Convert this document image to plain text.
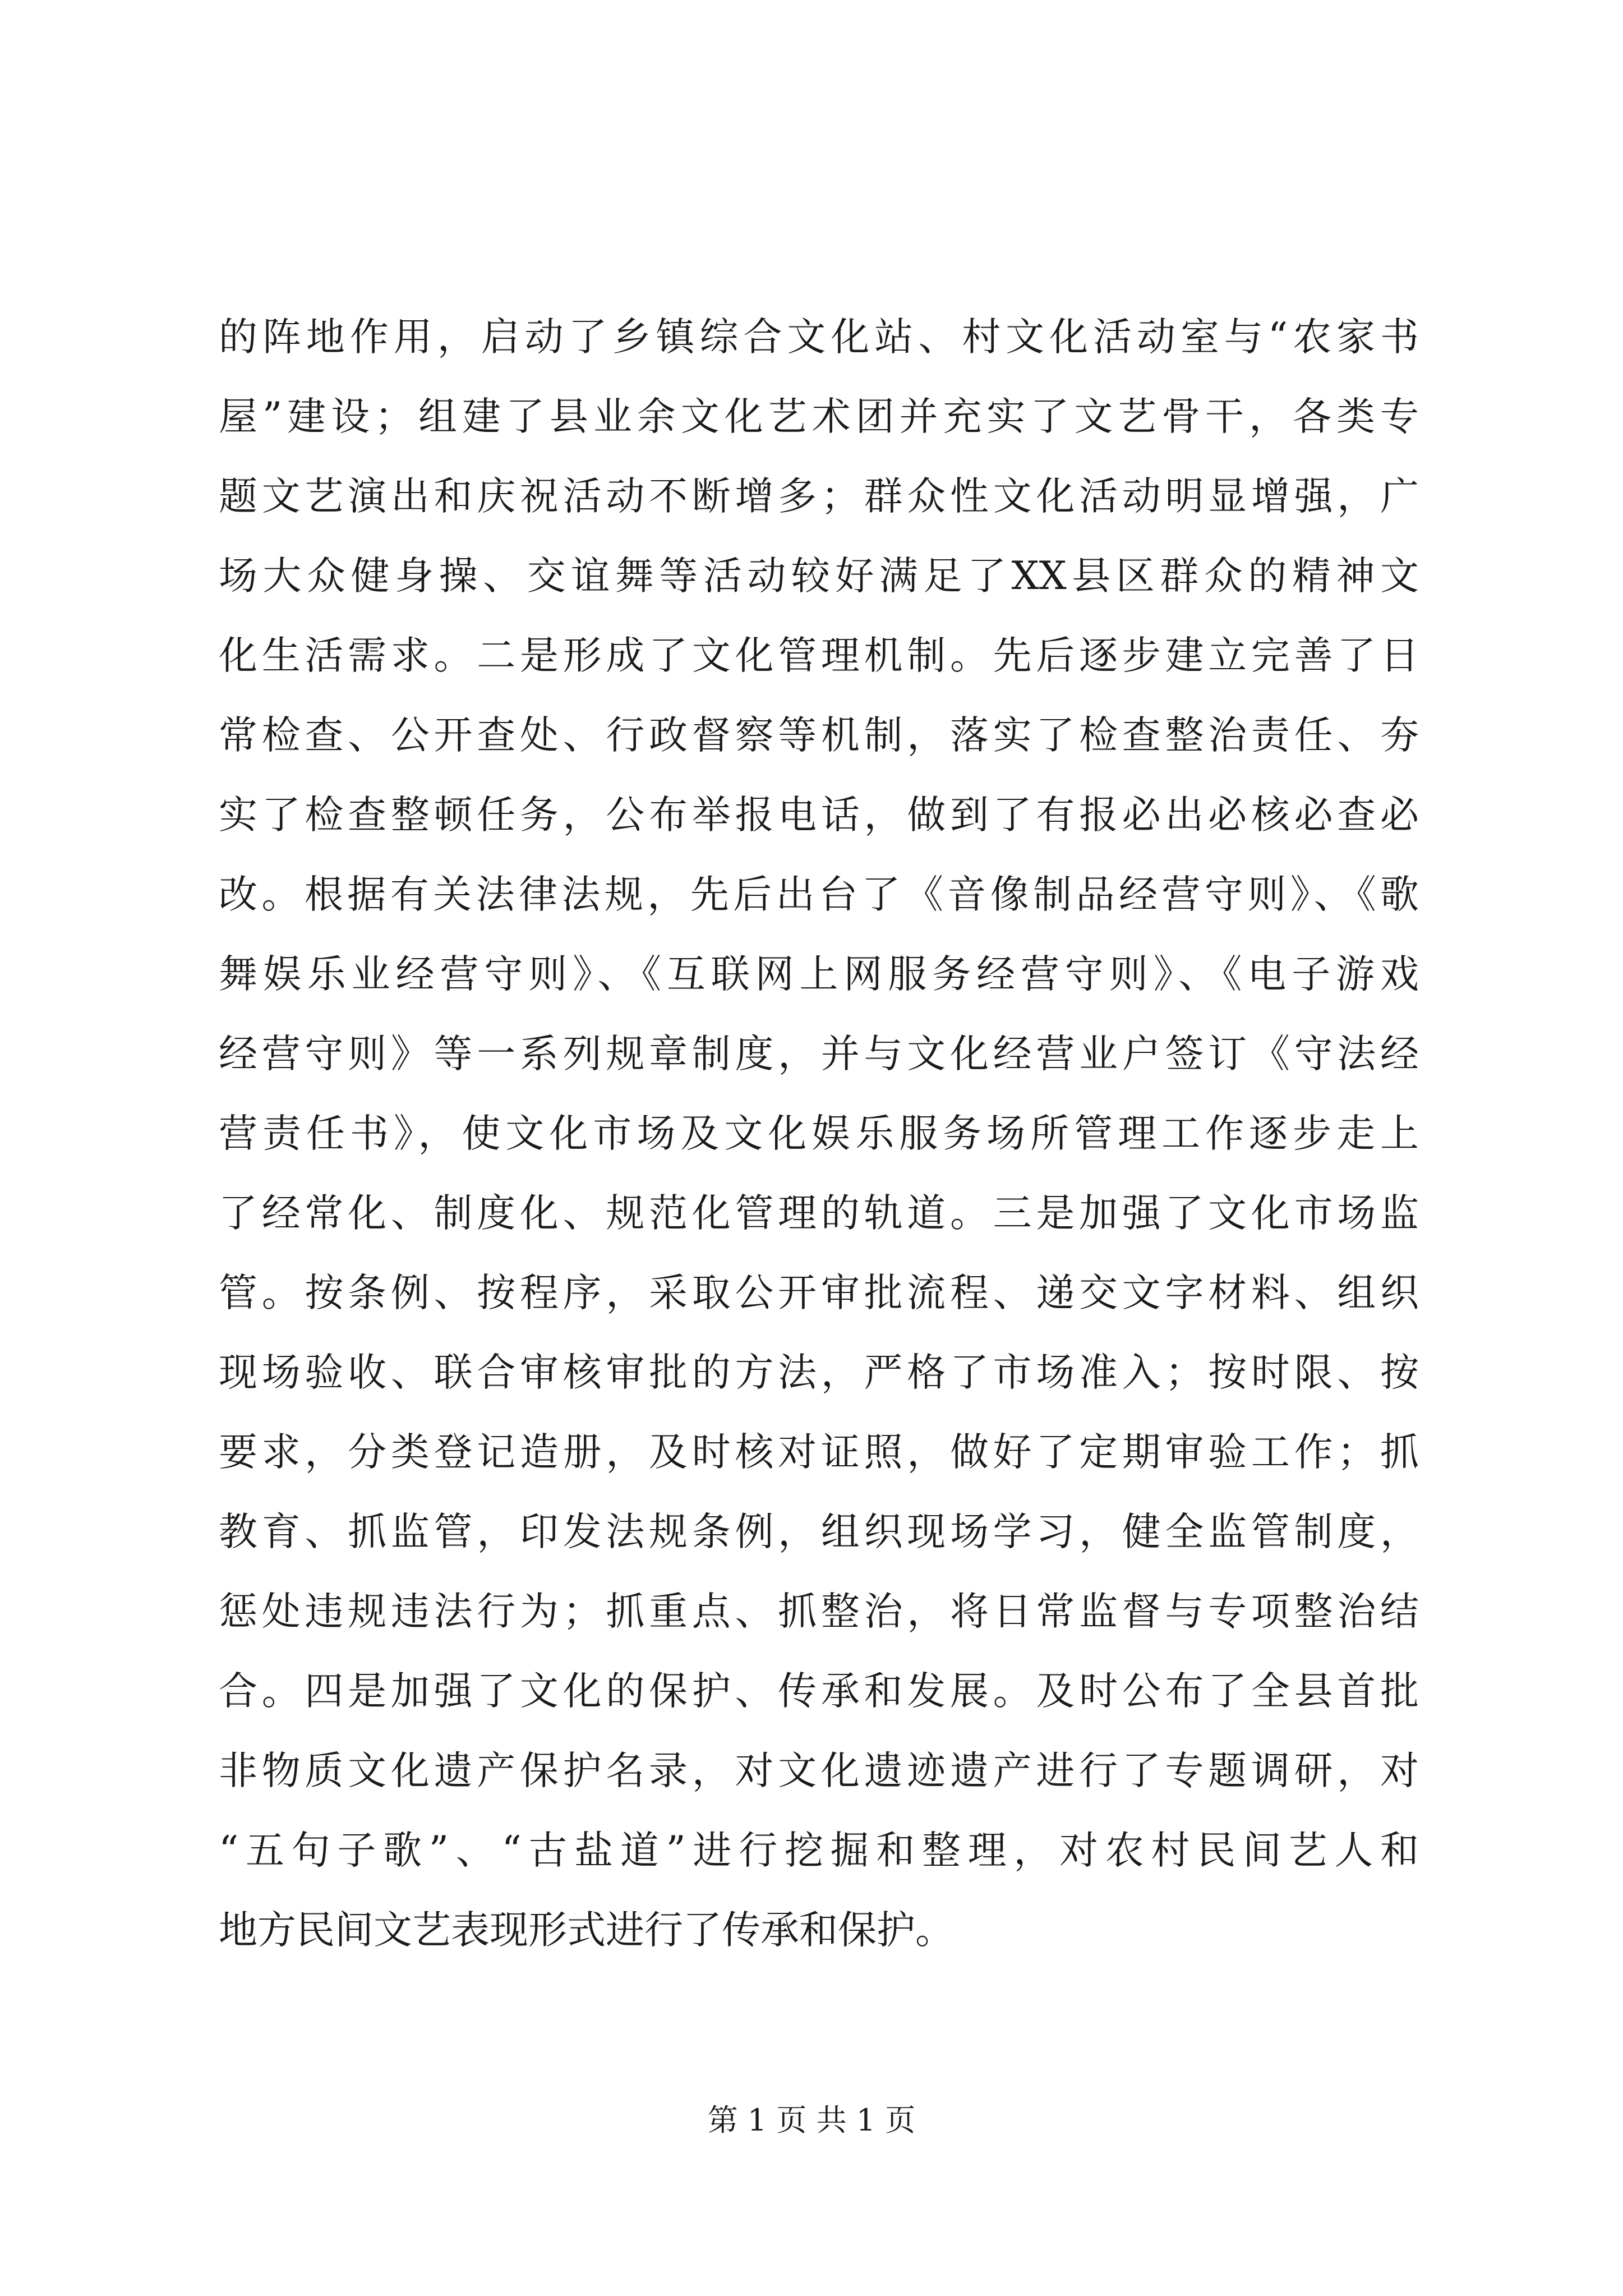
的阵地作用，启动了乡镇综合文化站、村文化活动室与“农家书
屋”建设；组建了县业余文化艺术团并充实了文艺骨干，各类专
题文艺演出和庆祝活动不断增多；群众性文化活动明显增强，广
场大众健身操、交谊舞等活动较好满足了XX县区群众的精神文
化生活需求。二是形成了文化管理机制。先后逐步建立完善了日
常检查、公开查处、行政督察等机制，落实了检查整治责任、夯
实了检查整顿任务，公布举报电话，做到了有报必出必核必查必
改。根据有关法律法规，先后出台了《音像制品经营守则》、《歌
舞娱乐业经营守则》、《互联网上网服务经营守则》、《电子游戏
经营守则》等一系列规章制度，并与文化经营业户签订《守法经
营责任书》，使文化市场及文化娱乐服务场所管理工作逐步走上
了经常化、制度化、规范化管理的轨道。三是加强了文化市场监
管。按条例、按程序，采取公开审批流程、递交文字材料、组织
现场验收、联合审核审批的方法，严格了市场准入；按时限、按
要求，分类登记造册，及时核对证照，做好了定期审验工作；抓
教育、抓监管，印发法规条例，组织现场学习，健全监管制度，
惩处违规违法行为；抓重点、抓整治，将日常监督与专项整治结
合。四是加强了文化的保护、传承和发展。及时公布了全县首批
非物质文化遗产保护名录，对文化遗迹遗产进行了专题调研，对
“五句子歌”、“古盐道”进行挖掘和整理，对农村民间艺人和
地方民间文艺表现形式进行了传承和保护。
第 1 页 共 1 页
